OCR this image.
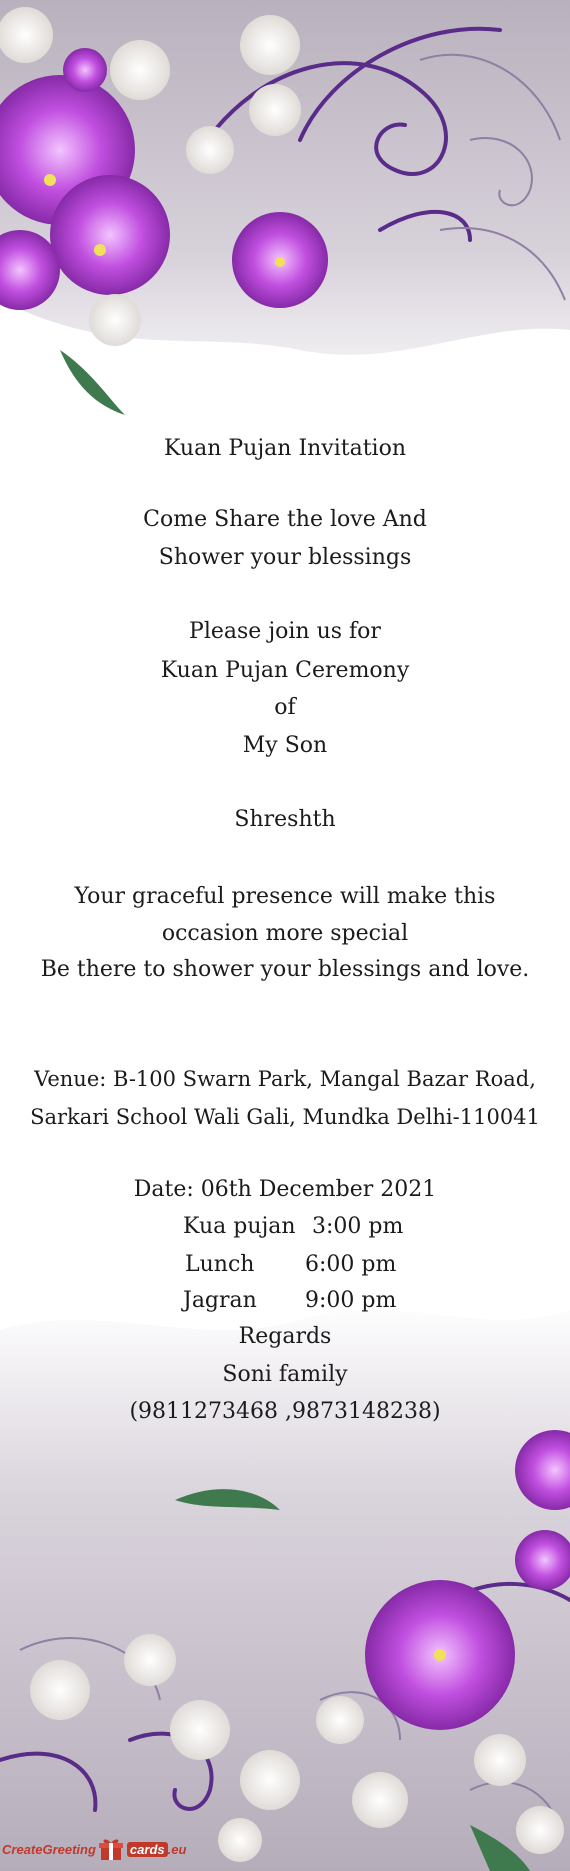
Kuan Pujan Invitation
Come Share the love And
Shower your blessings
Please join us for
Kuan Pujan Ceremony
of
My Son
Shreshth
Your graceful presence will make this occasion more special
Be there to shower your blessings and love.
Venue: B-100 Swarn Park, Mangal Bazar Road,
Sarkari School Wali Gali, Mundka Delhi-110041
Date: 06th December 2021
Kua pujan 3:00 pm
Lunch 6:00 pm
Jagran 9:00 pm
Regards
Soni family
(9811273468 ,9873148238)
CreateGreeting	cards .eu
